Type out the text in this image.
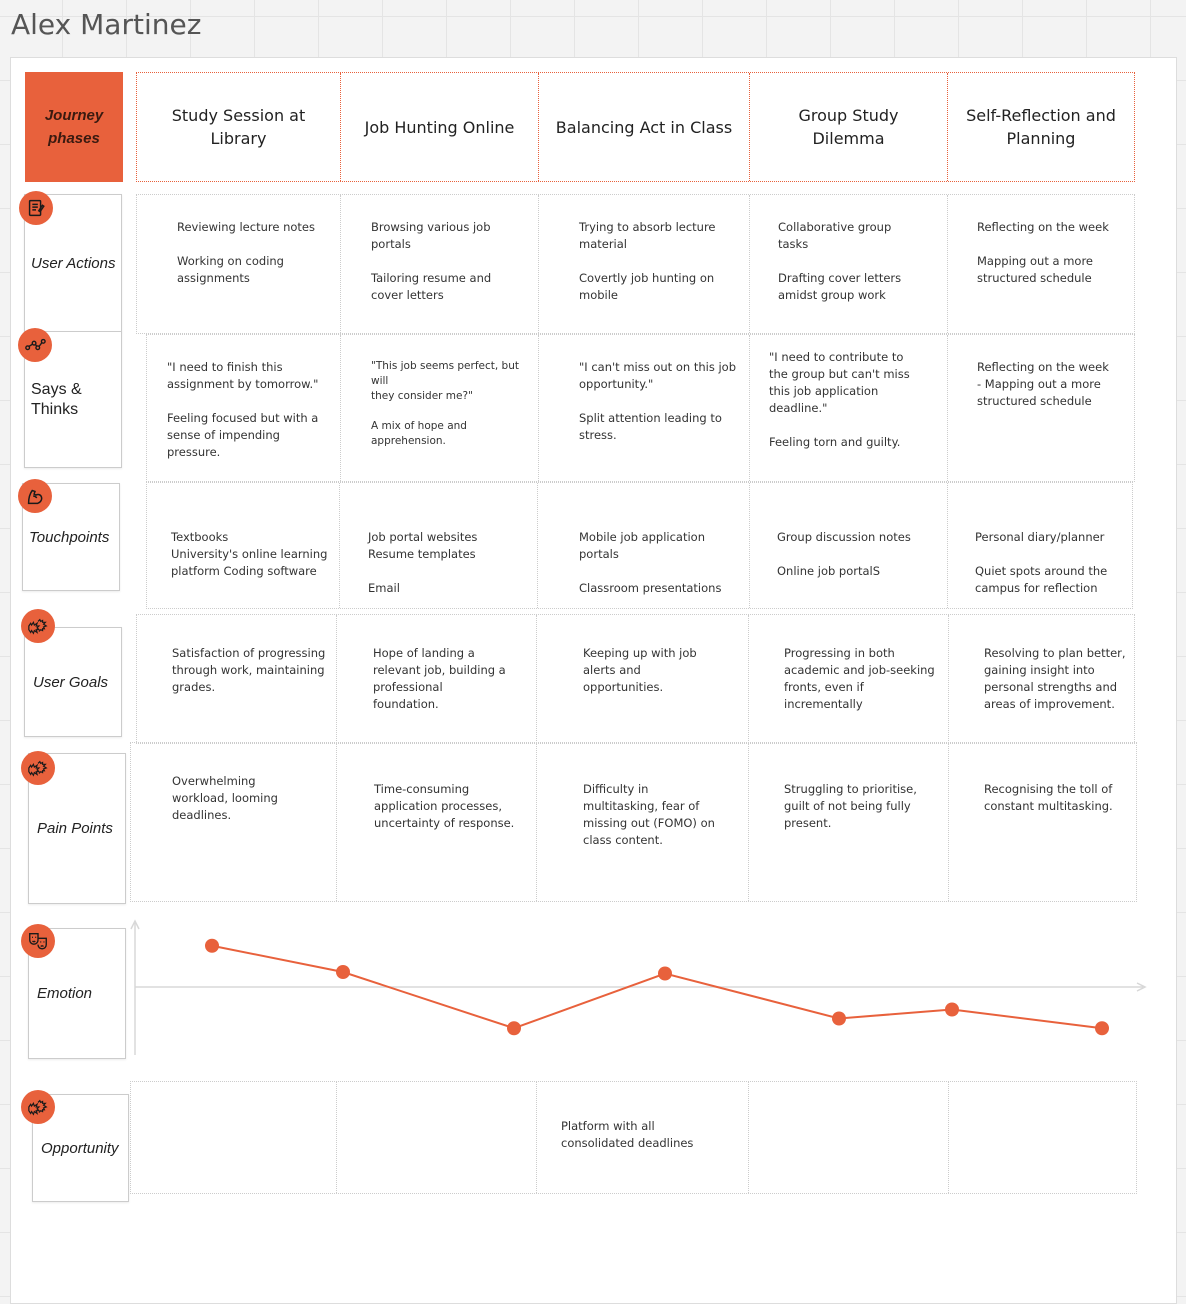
Alex Martinez
Journey phases
Study Session at Library
Job Hunting Online	Balancing Act in Class
Group Study Dilemma
Self-Reflection and Planning
User Actions
Reviewing lecture notes

Working on coding
assignments
Browsing various job
portals

Tailoring resume and
cover letters
Trying to absorb lecture
material

Covertly job hunting on
mobile
Collaborative group
tasks

Drafting cover letters
amidst group work
Reflecting on the week

Mapping out a more
structured schedule
Says &
Thinks
"I need to finish this
assignment by tomorrow."

Feeling focused but with a
sense of impending
pressure.
"This job seems perfect, but will
they consider me?"

A mix of hope and
apprehension.
"I can't miss out on this job
opportunity."

Split attention leading to
stress.
"I need to contribute to
the group but can't miss
this job application
deadline."

Feeling torn and guilty.
Reflecting on the week
- Mapping out a more
structured schedule
Touchpoints	Textbooks
University's online learning
platform Coding software
Job portal websites
Resume templates

Email
Mobile job application
portals

Classroom presentations
Group discussion notes

Online job portalS
Personal diary/planner

Quiet spots around the
campus for reflection
User Goals
Satisfaction of progressing
through work, maintaining
grades.
Hope of landing a
relevant job, building a
professional
foundation.
Keeping up with job
alerts and
opportunities.
Progressing in both
academic and job-seeking
fronts, even if
incrementally
Resolving to plan better,
gaining insight into
personal strengths and
areas of improvement.
Pain Points
Overwhelming
workload, looming
deadlines.
Time-consuming
application processes,
uncertainty of response.
Difficulty in
multitasking, fear of
missing out (FOMO) on
class content.
Struggling to prioritise,
guilt of not being fully
present.
Recognising the toll of
constant multitasking.
Emotion
Opportunity
Platform with all
consolidated deadlines
